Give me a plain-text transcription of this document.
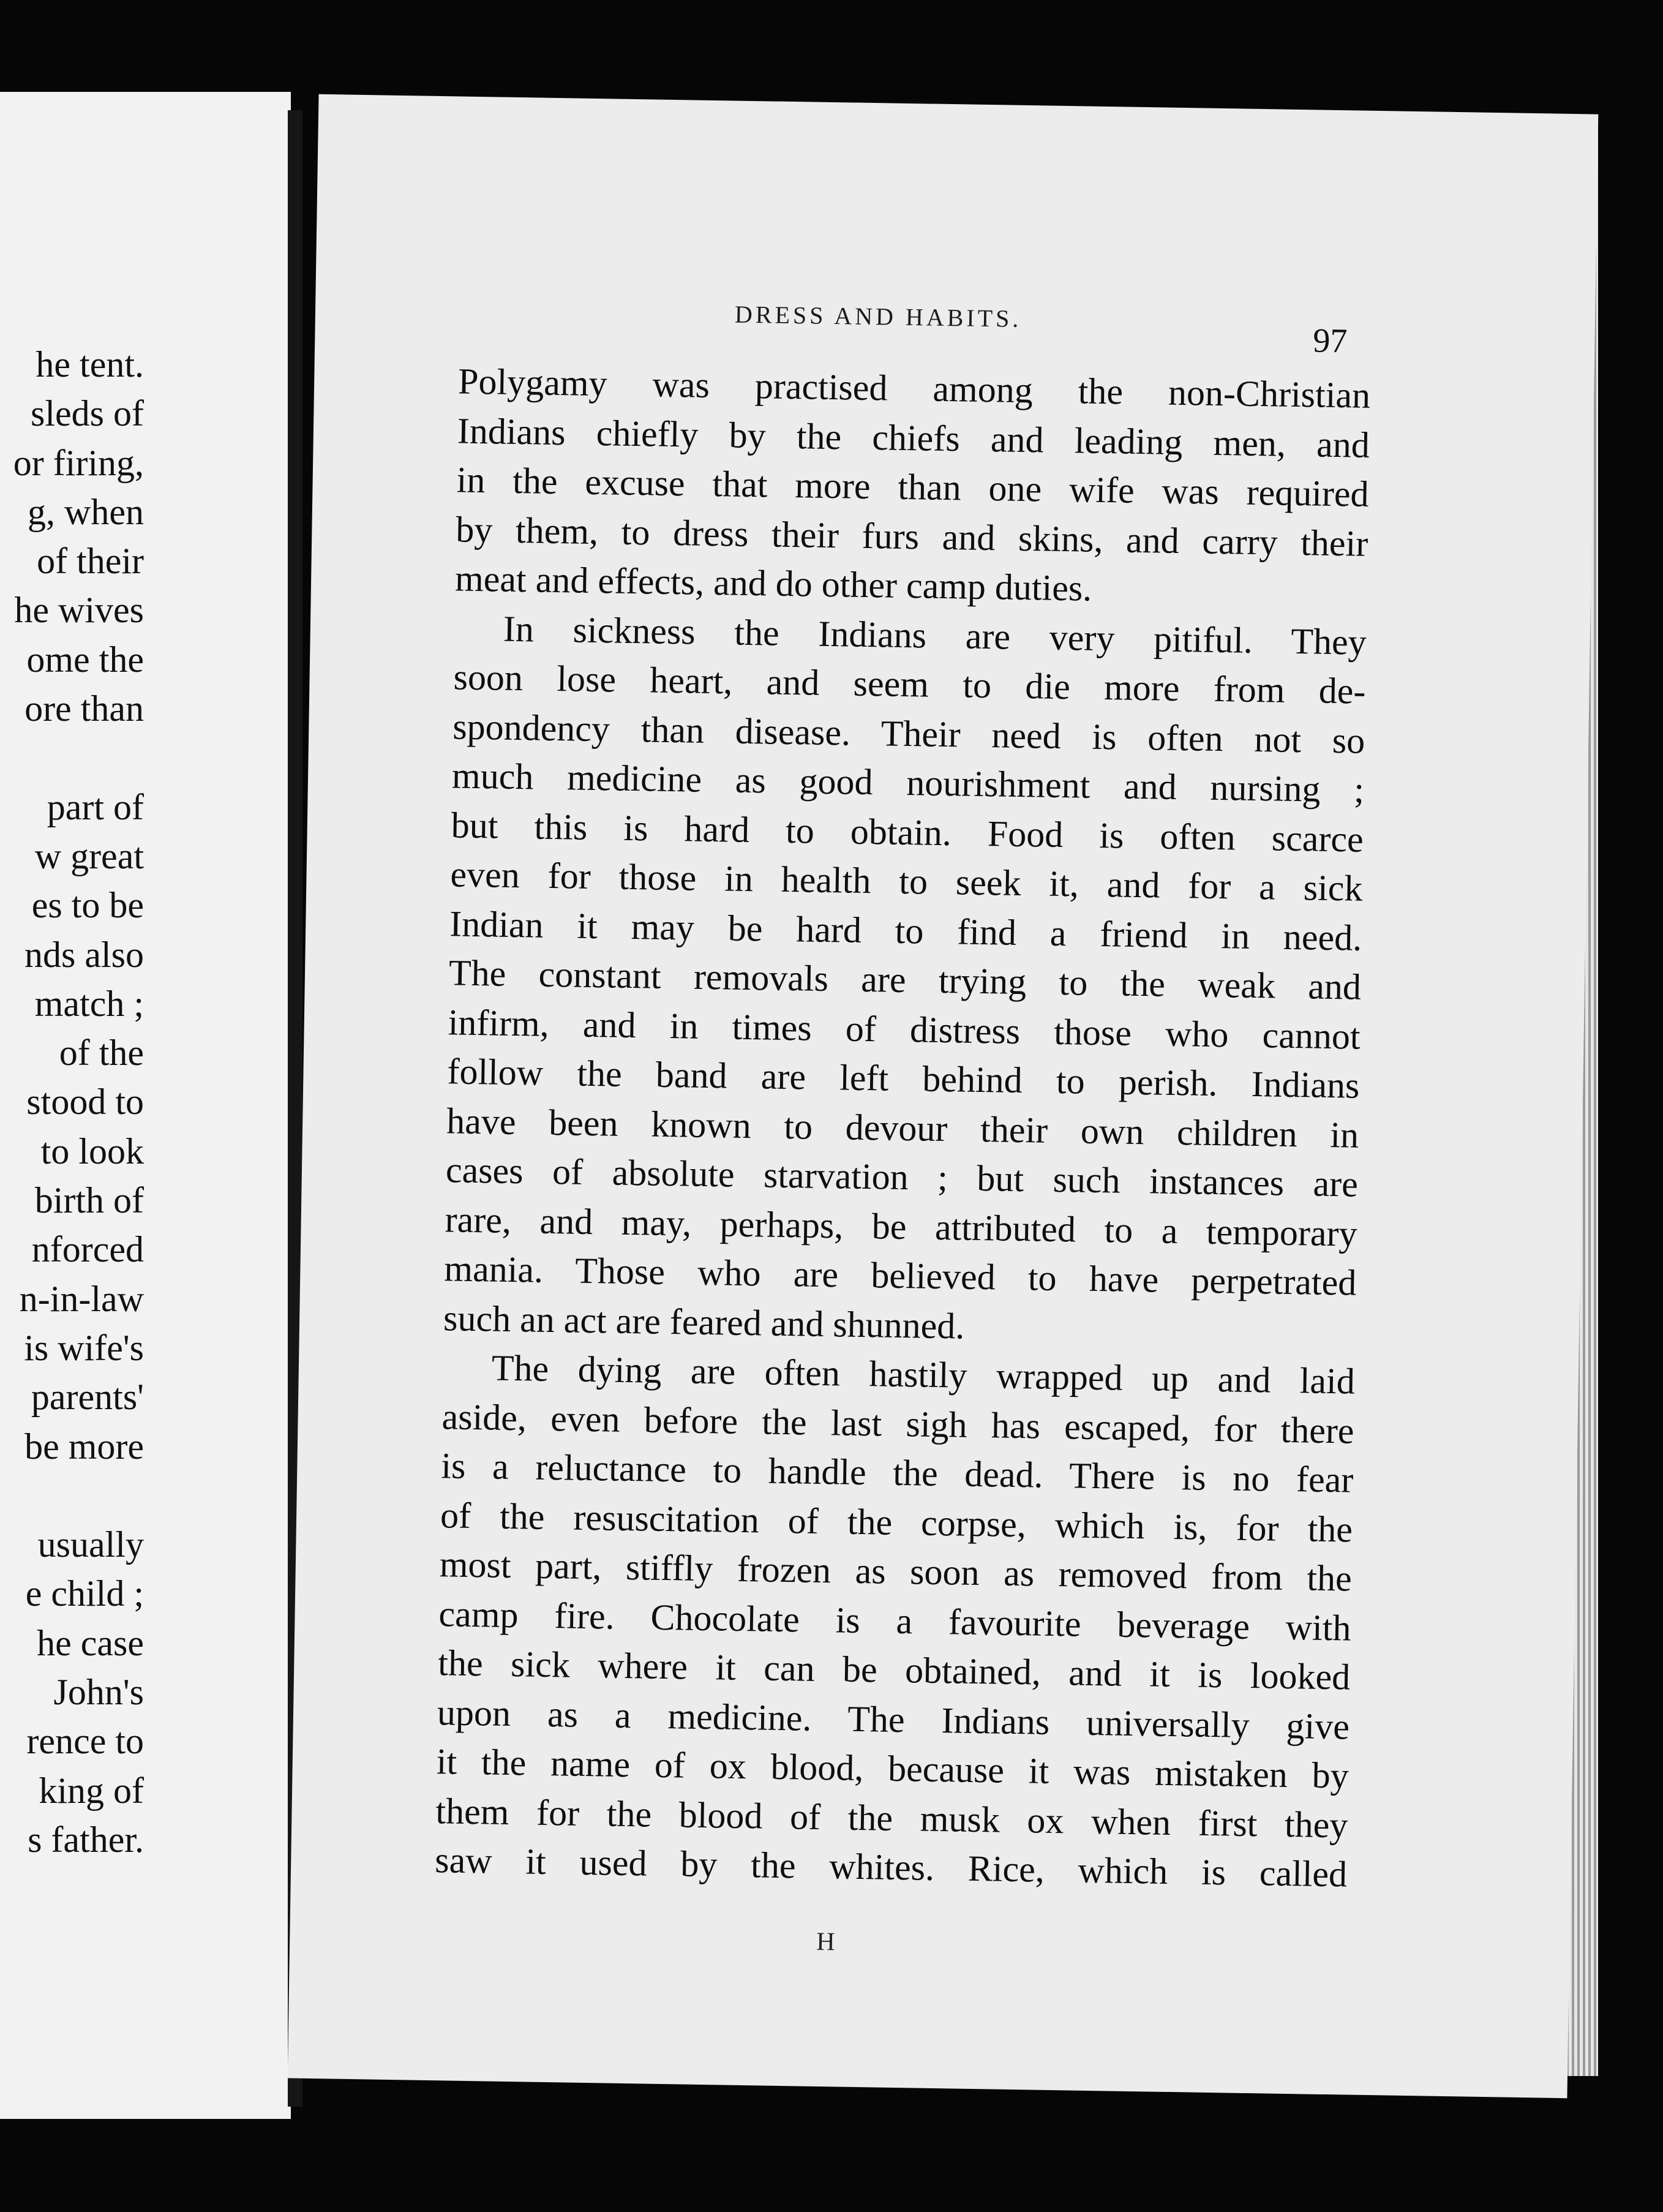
he tent.
sleds of
or firing,
g, when
of their
he wives
ome the
ore than
part of
w great
es to be
nds also
match ;
of the
stood to
to look
birth of
nforced
n-in-law
is wife's
parents'
be more
usually
e child ;
he case
John's
rence to
king of
s father.
DRESS AND HABITS.
97
Polygamy was practised among the non-Christian
Indians chiefly by the chiefs and leading men, and
in the excuse that more than one wife was required
by them, to dress their furs and skins, and carry their
meat and effects, and do other camp duties.
In sickness the Indians are very pitiful. They
soon lose heart, and seem to die more from de-
spondency than disease. Their need is often not so
much medicine as good nourishment and nursing ;
but this is hard to obtain. Food is often scarce
even for those in health to seek it, and for a sick
Indian it may be hard to find a friend in need.
The constant removals are trying to the weak and
infirm, and in times of distress those who cannot
follow the band are left behind to perish. Indians
have been known to devour their own children in
cases of absolute starvation ; but such instances are
rare, and may, perhaps, be attributed to a temporary
mania. Those who are believed to have perpetrated
such an act are feared and shunned.
The dying are often hastily wrapped up and laid
aside, even before the last sigh has escaped, for there
is a reluctance to handle the dead. There is no fear
of the resuscitation of the corpse, which is, for the
most part, stiffly frozen as soon as removed from the
camp fire. Chocolate is a favourite beverage with
the sick where it can be obtained, and it is looked
upon as a medicine. The Indians universally give
it the name of ox blood, because it was mistaken by
them for the blood of the musk ox when first they
saw it used by the whites. Rice, which is called
H
